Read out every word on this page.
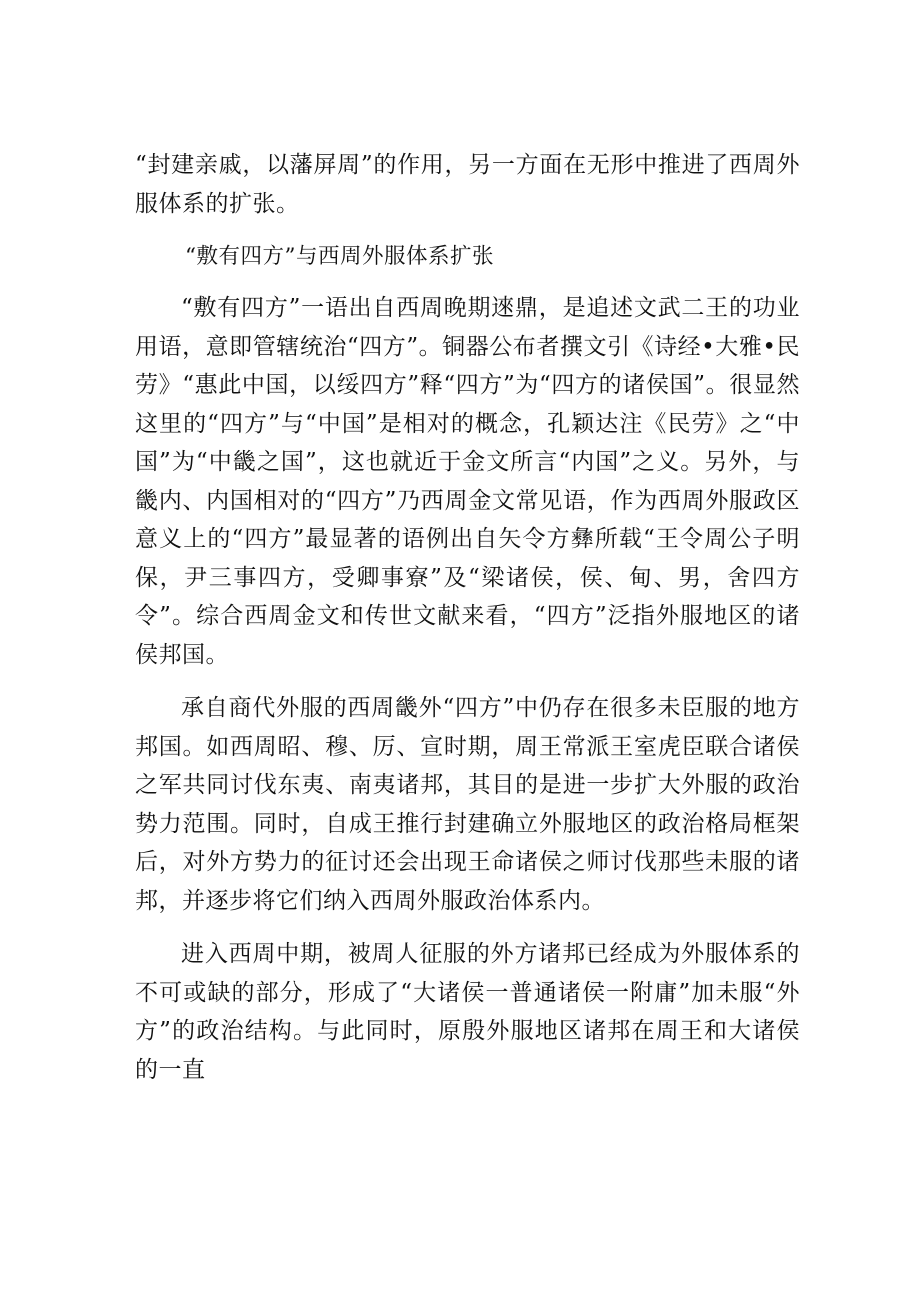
“封建亲戚，以藩屏周”的作用，另一方面在无形中推进了西周外服体系的扩张。

“敷有四方”与西周外服体系扩张

“敷有四方”一语出自西周晚期逨鼎，是追述文武二王的功业用语，意即管辖统治“四方”。铜器公布者撰文引《诗经•大雅•民劳》“惠此中国，以绥四方”释“四方”为“四方的诸侯国”。很显然这里的“四方”与“中国”是相对的概念，孔颖达注《民劳》之“中国”为“中畿之国”，这也就近于金文所言“内国”之义。另外，与畿内、内国相对的“四方”乃西周金文常见语，作为西周外服政区意义上的“四方”最显著的语例出自矢令方彝所载“王令周公子明保，尹三事四方，受卿事寮”及“梁诸侯，侯、甸、男，舍四方令”。综合西周金文和传世文献来看，“四方”泛指外服地区的诸侯邦国。

承自商代外服的西周畿外“四方”中仍存在很多未臣服的地方邦国。如西周昭、穆、厉、宣时期，周王常派王室虎臣联合诸侯之军共同讨伐东夷、南夷诸邦，其目的是进一步扩大外服的政治势力范围。同时，自成王推行封建确立外服地区的政治格局框架后，对外方势力的征讨还会出现王命诸侯之师讨伐那些未服的诸邦，并逐步将它们纳入西周外服政治体系内。

进入西周中期，被周人征服的外方诸邦已经成为外服体系的不可或缺的部分，形成了“大诸侯一普通诸侯一附庸”加未服“外方”的政治结构。与此同时，原殷外服地区诸邦在周王和大诸侯的一直
